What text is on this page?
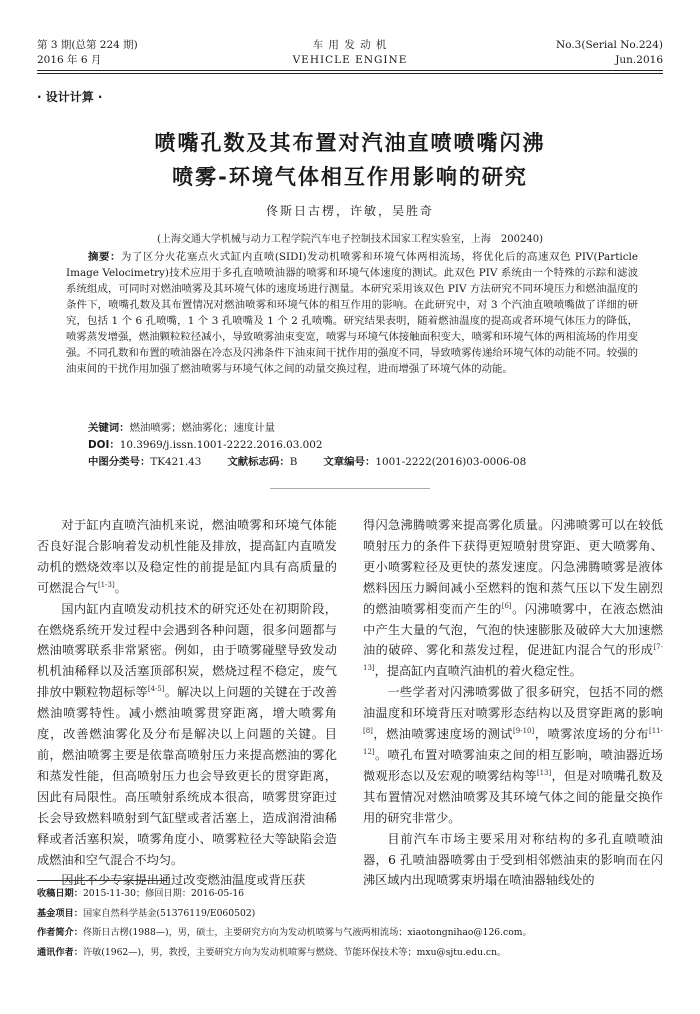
第 3 期(总第 224 期)
2016 年 6 月
车 用 发 动 机
VEHICLE ENGINE
No.3(Serial No.224)
Jun.2016
· 设计计算 ·
喷嘴孔数及其布置对汽油直喷喷嘴闪沸
喷雾-环境气体相互作用影响的研究
佟斯日古楞，许敏，吴胜奇
(上海交通大学机械与动力工程学院汽车电子控制技术国家工程实验室，上海　200240)
摘要：为了区分火花塞点火式缸内直喷(SIDI)发动机喷雾和环境气体两相流场，将优化后的高速双色 PIV(Particle Image Velocimetry)技术应用于多孔直喷喷油器的喷雾和环境气体速度的测试。此双色 PIV 系统由一个特殊的示踪和滤波系统组成，可同时对燃油喷雾及其环境气体的速度场进行测量。本研究采用该双色 PIV 方法研究不同环境压力和燃油温度的条件下，喷嘴孔数及其布置情况对燃油喷雾和环境气体的相互作用的影响。在此研究中，对 3 个汽油直喷喷嘴做了详细的研究，包括 1 个 6 孔喷嘴，1 个 3 孔喷嘴及 1 个 2 孔喷嘴。研究结果表明，随着燃油温度的提高或者环境气体压力的降低，喷雾蒸发增强，燃油颗粒粒径减小，导致喷雾油束变宽，喷雾与环境气体接触面积变大，喷雾和环境气体的两相流场的作用变强。不同孔数和布置的喷油器在冷态及闪沸条件下油束间干扰作用的强度不同，导致喷雾传递给环境气体的动能不同。较强的油束间的干扰作用加强了燃油喷雾与环境气体之间的动量交换过程，进而增强了环境气体的动能。
关键词：燃油喷雾；燃油雾化；速度计量
DOI：10.3969/j.issn.1001-2222.2016.03.002
中图分类号：TK421.43	文献标志码：B	文章编号：1001-2222(2016)03-0006-08

对于缸内直喷汽油机来说，燃油喷雾和环境气体能否良好混合影响着发动机性能及排放，提高缸内直喷发动机的燃烧效率以及稳定性的前提是缸内具有高质量的可燃混合气[1-3]。

国内缸内直喷发动机技术的研究还处在初期阶段，在燃烧系统开发过程中会遇到各种问题，很多问题都与燃油喷雾联系非常紧密。例如，由于喷雾碰壁导致发动机机油稀释以及活塞顶部积炭，燃烧过程不稳定，废气排放中颗粒物超标等[4-5]。解决以上问题的关键在于改善燃油喷雾特性。减小燃油喷雾贯穿距离，增大喷雾角度，改善燃油雾化及分布是解决以上问题的关键。目前，燃油喷雾主要是依靠高喷射压力来提高燃油的雾化和蒸发性能，但高喷射压力也会导致更长的贯穿距离，因此有局限性。高压喷射系统成本很高，喷雾贯穿距过长会导致燃料喷射到气缸壁或者活塞上，造成润滑油稀释或者活塞积炭，喷雾角度小、喷雾粒径大等缺陷会造成燃油和空气混合不均匀。

因此不少专家提出通过改变燃油温度或背压获

得闪急沸腾喷雾来提高雾化质量。闪沸喷雾可以在较低喷射压力的条件下获得更短喷射贯穿距、更大喷雾角、更小喷雾粒径及更快的蒸发速度。闪急沸腾喷雾是液体燃料因压力瞬间减小至燃料的饱和蒸气压以下发生剧烈的燃油喷雾相变而产生的[6]。闪沸喷雾中，在液态燃油中产生大量的气泡，气泡的快速膨胀及破碎大大加速燃油的破碎、雾化和蒸发过程，促进缸内混合气的形成[7-13]，提高缸内直喷汽油机的着火稳定性。

一些学者对闪沸喷雾做了很多研究，包括不同的燃油温度和环境背压对喷雾形态结构以及贯穿距离的影响[8]，燃油喷雾速度场的测试[9-10]，喷雾浓度场的分布[11-12]。喷孔布置对喷雾油束之间的相互影响，喷油器近场微观形态以及宏观的喷雾结构等[13]，但是对喷嘴孔数及其布置情况对燃油喷雾及其环境气体之间的能量交换作用的研究非常少。

目前汽车市场主要采用对称结构的多孔直喷喷油器，6 孔喷油器喷雾由于受到相邻燃油束的影响而在闪沸区域内出现喷雾束坍塌在喷油器轴线处的

收稿日期：2015-11-30；修回日期：2016-05-16
基金项目：国家自然科学基金(51376119/E060502)
作者简介：佟斯日古楞(1988—)，男，硕士，主要研究方向为发动机喷雾与气液两相流场；xiaotongnihao@126.com。
通讯作者：许敏(1962—)，男，教授，主要研究方向为发动机喷雾与燃烧、节能环保技术等；mxu@sjtu.edu.cn。
